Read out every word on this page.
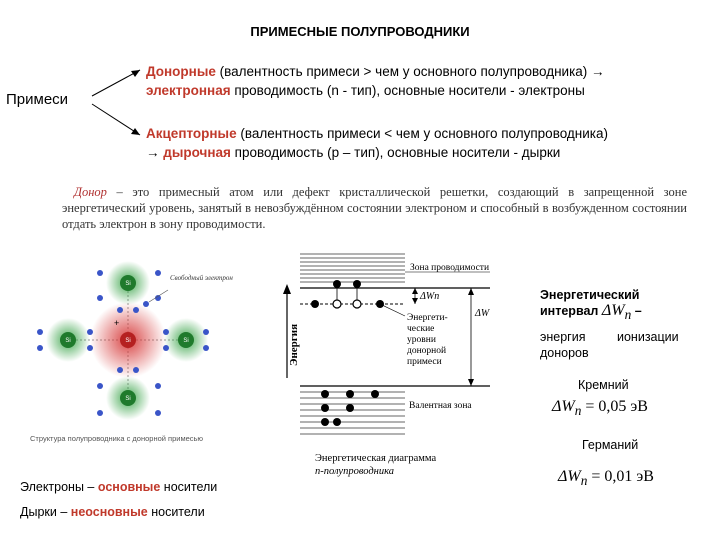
ПРИМЕСНЫЕ ПОЛУПРОВОДНИКИ
Примеси
Донорные (валентность примеси > чем у основного полупроводника) →
электронная проводимость (n - тип), основные носители - электроны
Акцепторные (валентность примеси < чем у основного полупроводника)
→ дырочная проводимость (p – тип), основные носители - дырки
Донор – это примесный атом или дефект кристаллической решетки, создающий в запрещенной зоне энергетический уровень, занятый в невозбуждённом состоянии электроном и способный в возбужденном состоянии отдать электрон в зону проводимости.
Si
Si	Si
Si
Si
+
Свободный электрон
Структура полупроводника с донорной примесью
Энергия
Зона проводимости
ΔWn
ΔW
Энергети-
ческие
уровни
донорной
примеси
Валентная зона
Энергетическая диаграмма
n-полупроводника
Энергетический
интервал $\Delta W_n$ –
энергия	ионизации
доноров
Кремний
$\Delta W_n = 0,05$ эВ
Германий
$\Delta W_n = 0,01$ эВ
Электроны – основные носители
Дырки – неосновные носители
